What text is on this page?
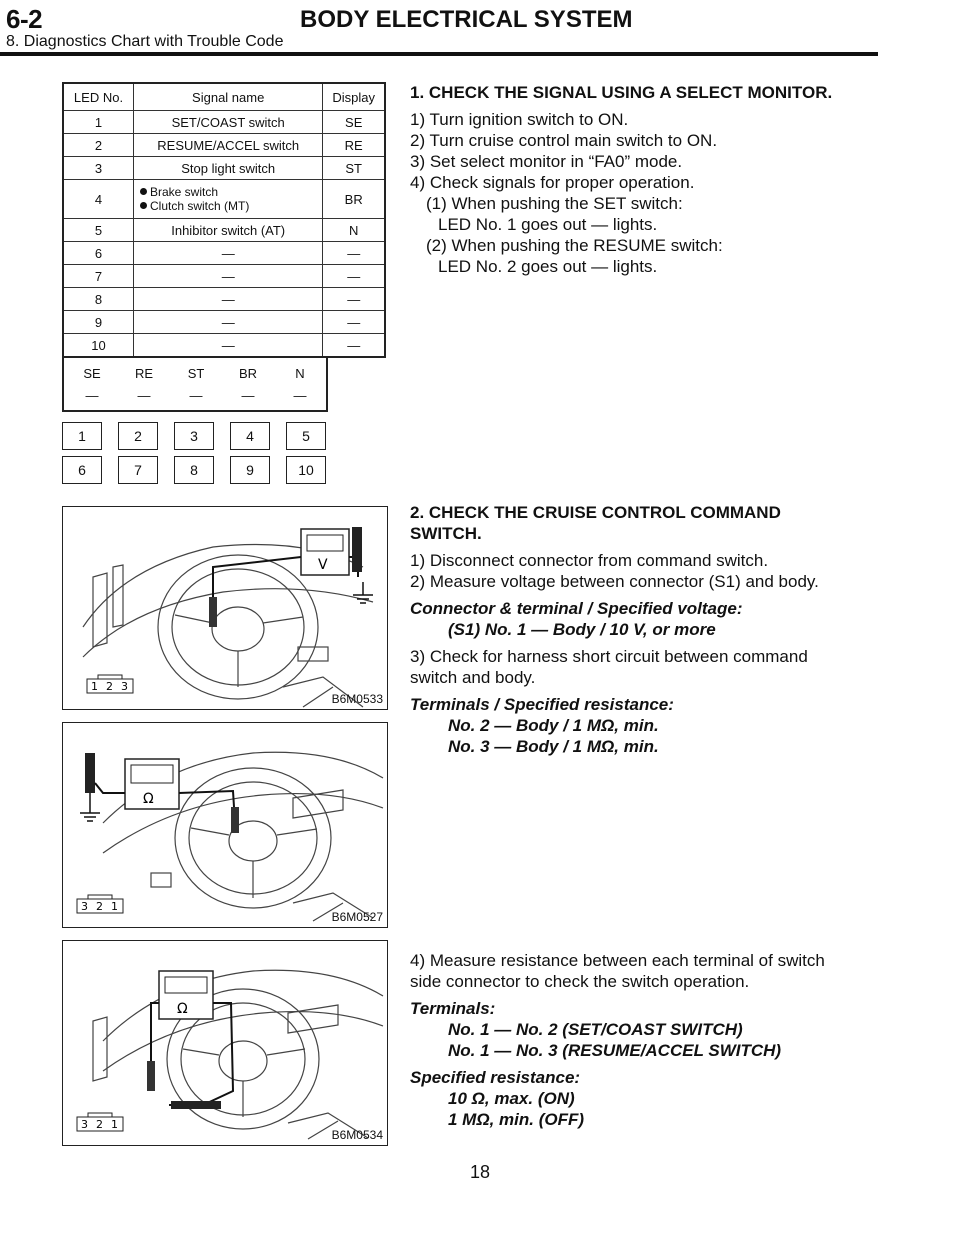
6-2	BODY ELECTRICAL SYSTEM
8. Diagnostics Chart with Trouble Code
LED No.	Signal name	Display
1	SET/COAST switch	SE
2	RESUME/ACCEL switch	RE
3	Stop light switch	ST
4	Brake switch
Clutch switch (MT)	BR
5	Inhibitor switch (AT)	N
6	—	—
7	—	—
8	—	—
9	—	—
10	—	—
SE	RE	ST	BR	N
—	—	—	—	—
1	2	3	4	5
6	7	8	9	10
V
1 2 3
B6M0533
Ω
3 2 1
B6M0527
Ω
3 2 1
B6M0534

1. CHECK THE SIGNAL USING A SELECT MONITOR.

1) Turn ignition switch to ON.

2) Turn cruise control main switch to ON.

3) Set select monitor in “FA0” mode.

4) Check signals for proper operation.

(1) When pushing the SET switch:

LED No. 1 goes out — lights.

(2) When pushing the RESUME switch:

LED No. 2 goes out — lights.

2. CHECK THE CRUISE CONTROL COMMAND

SWITCH.

1) Disconnect connector from command switch.

2) Measure voltage between connector (S1) and body.

Connector & terminal / Specified voltage:

(S1) No. 1 — Body / 10 V, or more

3) Check for harness short circuit between command

switch and body.

Terminals / Specified resistance:

No. 2 — Body / 1 MΩ, min.

No. 3 — Body / 1 MΩ, min.

4) Measure resistance between each terminal of switch

side connector to check the switch operation.

Terminals:

No. 1 — No. 2 (SET/COAST SWITCH)

No. 1 — No. 3 (RESUME/ACCEL SWITCH)

Specified resistance:

10 Ω, max. (ON)

1 MΩ, min. (OFF)

18
